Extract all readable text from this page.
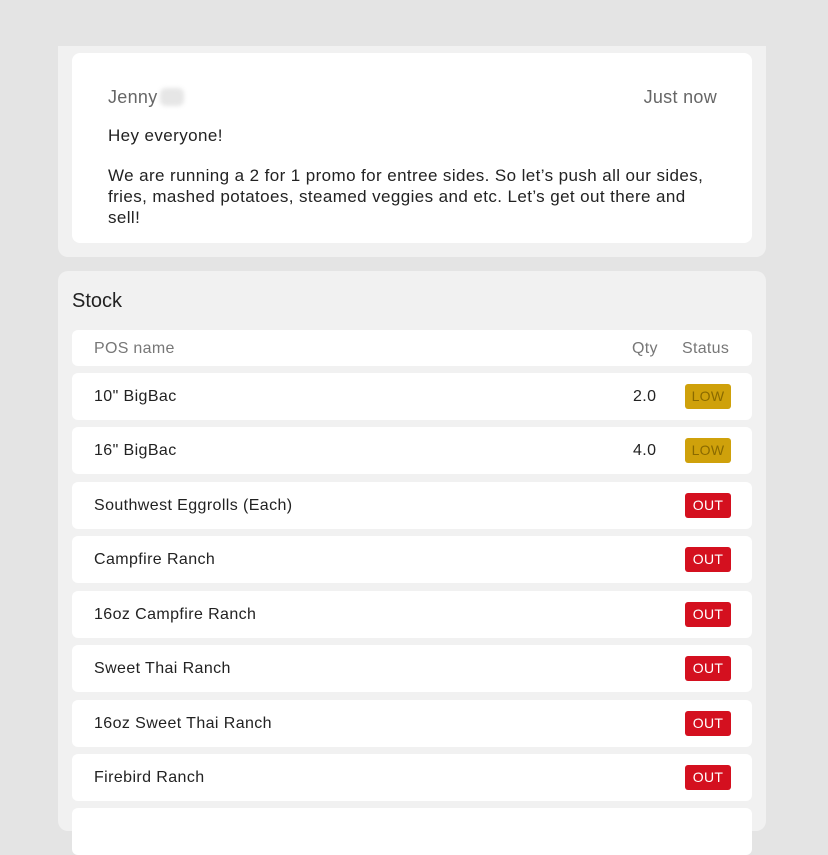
Jenny	Just now

Hey everyone!

We are running a 2 for 1 promo for entree sides. So let’s push all our sides, fries, mashed potatoes, steamed veggies and etc. Let’s get out there and sell!

Stock
POS name	Qty Status
10" BigBac	2.0	LOW
16" BigBac	4.0	LOW
Southwest Eggrolls (Each)	OUT
Campfire Ranch	OUT
16oz Campfire Ranch	OUT
Sweet Thai Ranch	OUT
16oz Sweet Thai Ranch	OUT
Firebird Ranch	OUT
